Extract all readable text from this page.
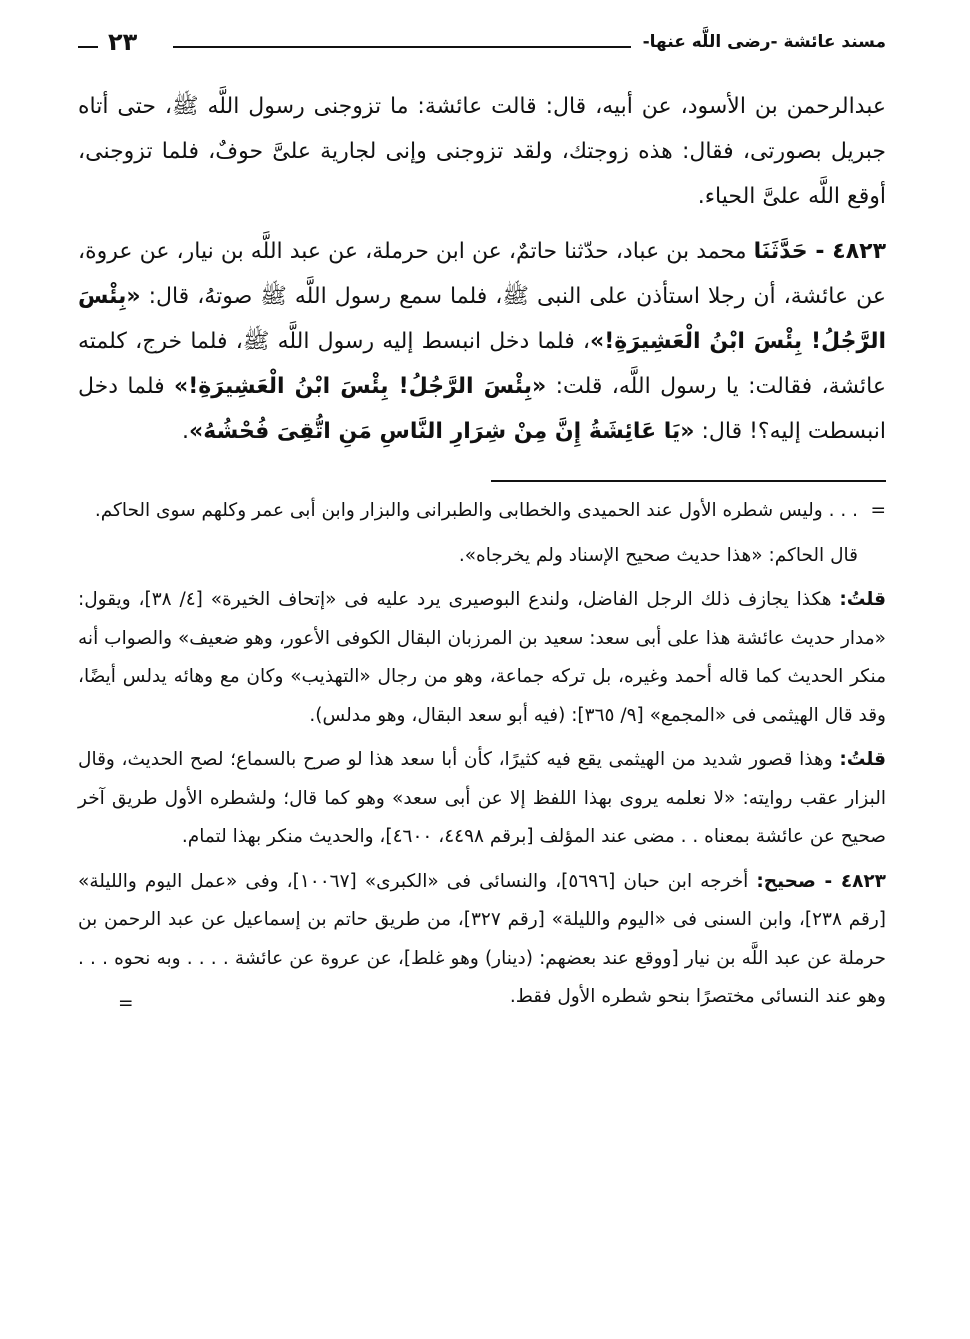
مسند عائشة -رضى اللَّه عنها-
٢٣

عبدالرحمن بن الأسود، عن أبيه، قال: قالت عائشة: ما تزوجنى رسول اللَّه ﷺ، حتى أتاه جبريل بصورتى، فقال: هذه زوجتك، ولقد تزوجنى وإنى لجارية علىَّ حوفٌ، فلما تزوجنى، أوقع اللَّه علىَّ الحياء.

٤٨٢٣ - حَدَّثَنَا محمد بن عباد، حدّثنا حاتمٌ، عن ابن حرملة، عن عبد اللَّه بن نيار، عن عروة، عن عائشة، أن رجلا استأذن على النبى ﷺ، فلما سمع رسول اللَّه ﷺ صوتهُ، قال: «بِئْسَ الرَّجُلُ! بِئْسَ ابْنُ الْعَشِيرَةِ!»، فلما دخل انبسط إليه رسول اللَّه ﷺ، فلما خرج، كلمته عائشة، فقالت: يا رسول اللَّه، قلت: «بِئْسَ الرَّجُلُ! بِئْسَ ابْنُ الْعَشِيرَةِ!» فلما دخل انبسطت إليه؟! قال: «يَا عَائِشَةُ إِنَّ مِنْ شِرَارِ النَّاسِ مَنِ اتُّقِىَ فُحْشُهُ».

=
. . . وليس شطره الأول عند الحميدى والخطابى والطبرانى والبزار وابن أبى عمر وكلهم سوى الحاكم.

قال الحاكم: «هذا حديث صحيح الإسناد ولم يخرجاه».

قلتُ: هكذا يجازف ذلك الرجل الفاضل، ولندع البوصيرى يرد عليه فى «إتحاف الخيرة» [٤/ ٣٨]، ويقول: «مدار حديث عائشة هذا على أبى سعد: سعيد بن المرزبان البقال الكوفى الأعور، وهو ضعيف» والصواب أنه منكر الحديث كما قاله أحمد وغيره، بل تركه جماعة، وهو من رجال «التهذيب» وكان مع وهائه يدلس أيضًا، وقد قال الهيثمى فى «المجمع» [٩/ ٣٦٥]: (فيه أبو سعد البقال، وهو مدلس).

قلتُ: وهذا قصور شديد من الهيثمى يقع فيه كثيرًا، كأن أبا سعد هذا لو صرح بالسماع؛ لصح الحديث، وقال البزار عقب روايته: «لا نعلمه يروى بهذا اللفظ إلا عن أبى سعد» وهو كما قال؛ ولشطره الأول طريق آخر صحيح عن عائشة بمعناه . . مضى عند المؤلف [برقم ٤٤٩٨، ٤٦٠٠]، والحديث منكر بهذا لتمام.

٤٨٢٣ - صحيح: أخرجه ابن حبان [٥٦٩٦]، والنسائى فى «الكبرى» [١٠٠٦٧]، وفى «عمل اليوم والليلة» [رقم ٢٣٨]، وابن السنى فى «اليوم والليلة» [رقم ٣٢٧]، من طريق حاتم بن إسماعيل عن عبد الرحمن بن حرملة عن عبد اللَّه بن نيار [ووقع عند بعضهم: (دينار) وهو غلط]، عن عروة عن عائشة . . . . وبه نحوه . . . وهو عند النسائى مختصرًا بنحو شطره الأول فقط.

=
